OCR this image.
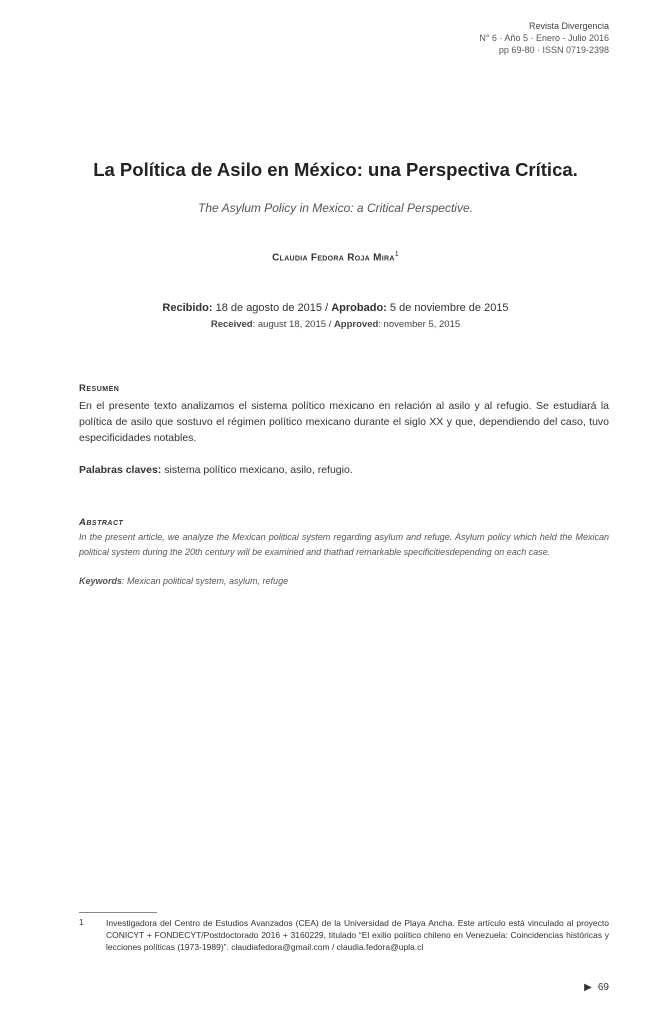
Revista Divergencia
N° 6 · Año 5 · Enero - Julio 2016
pp 69-80 · ISSN 0719-2398
La Política de Asilo en México: una Perspectiva Crítica.
The Asylum Policy in Mexico: a Critical Perspective.
Claudia Fedora Roja Mira$^1$
Recibido: 18 de agosto de 2015 / Aprobado: 5 de noviembre de 2015
Received: august 18, 2015 / Approved: november 5, 2015
Resumen
En el presente texto analizamos el sistema político mexicano en relación al asilo y al refugio. Se estudiará la política de asilo que sostuvo el régimen político mexicano durante el siglo XX y que, dependiendo del caso, tuvo especificidades notables.
Palabras claves: sistema político mexicano, asilo, refugio.
Abstract
In the present article, we analyze the Mexican political system regarding asylum and refuge. Asylum policy which held the Mexican political system during the 20th century will be examined and thathad remarkable specificitiesdepending on each case.
Keywords: Mexican political system, asylum, refuge
1	Investigadora del Centro de Estudios Avanzados (CEA) de la Universidad de Playa Ancha. Este artículo está vinculado al proyecto CONICYT + FONDECYT/Postdoctorado 2016 + 3160229, titulado “El exilio político chileno en Venezuela: Coincidencias históricas y lecciones políticas (1973-1989)”. claudiafedora@gmail.com / claudia.fedora@upla.cl
▶ 69
